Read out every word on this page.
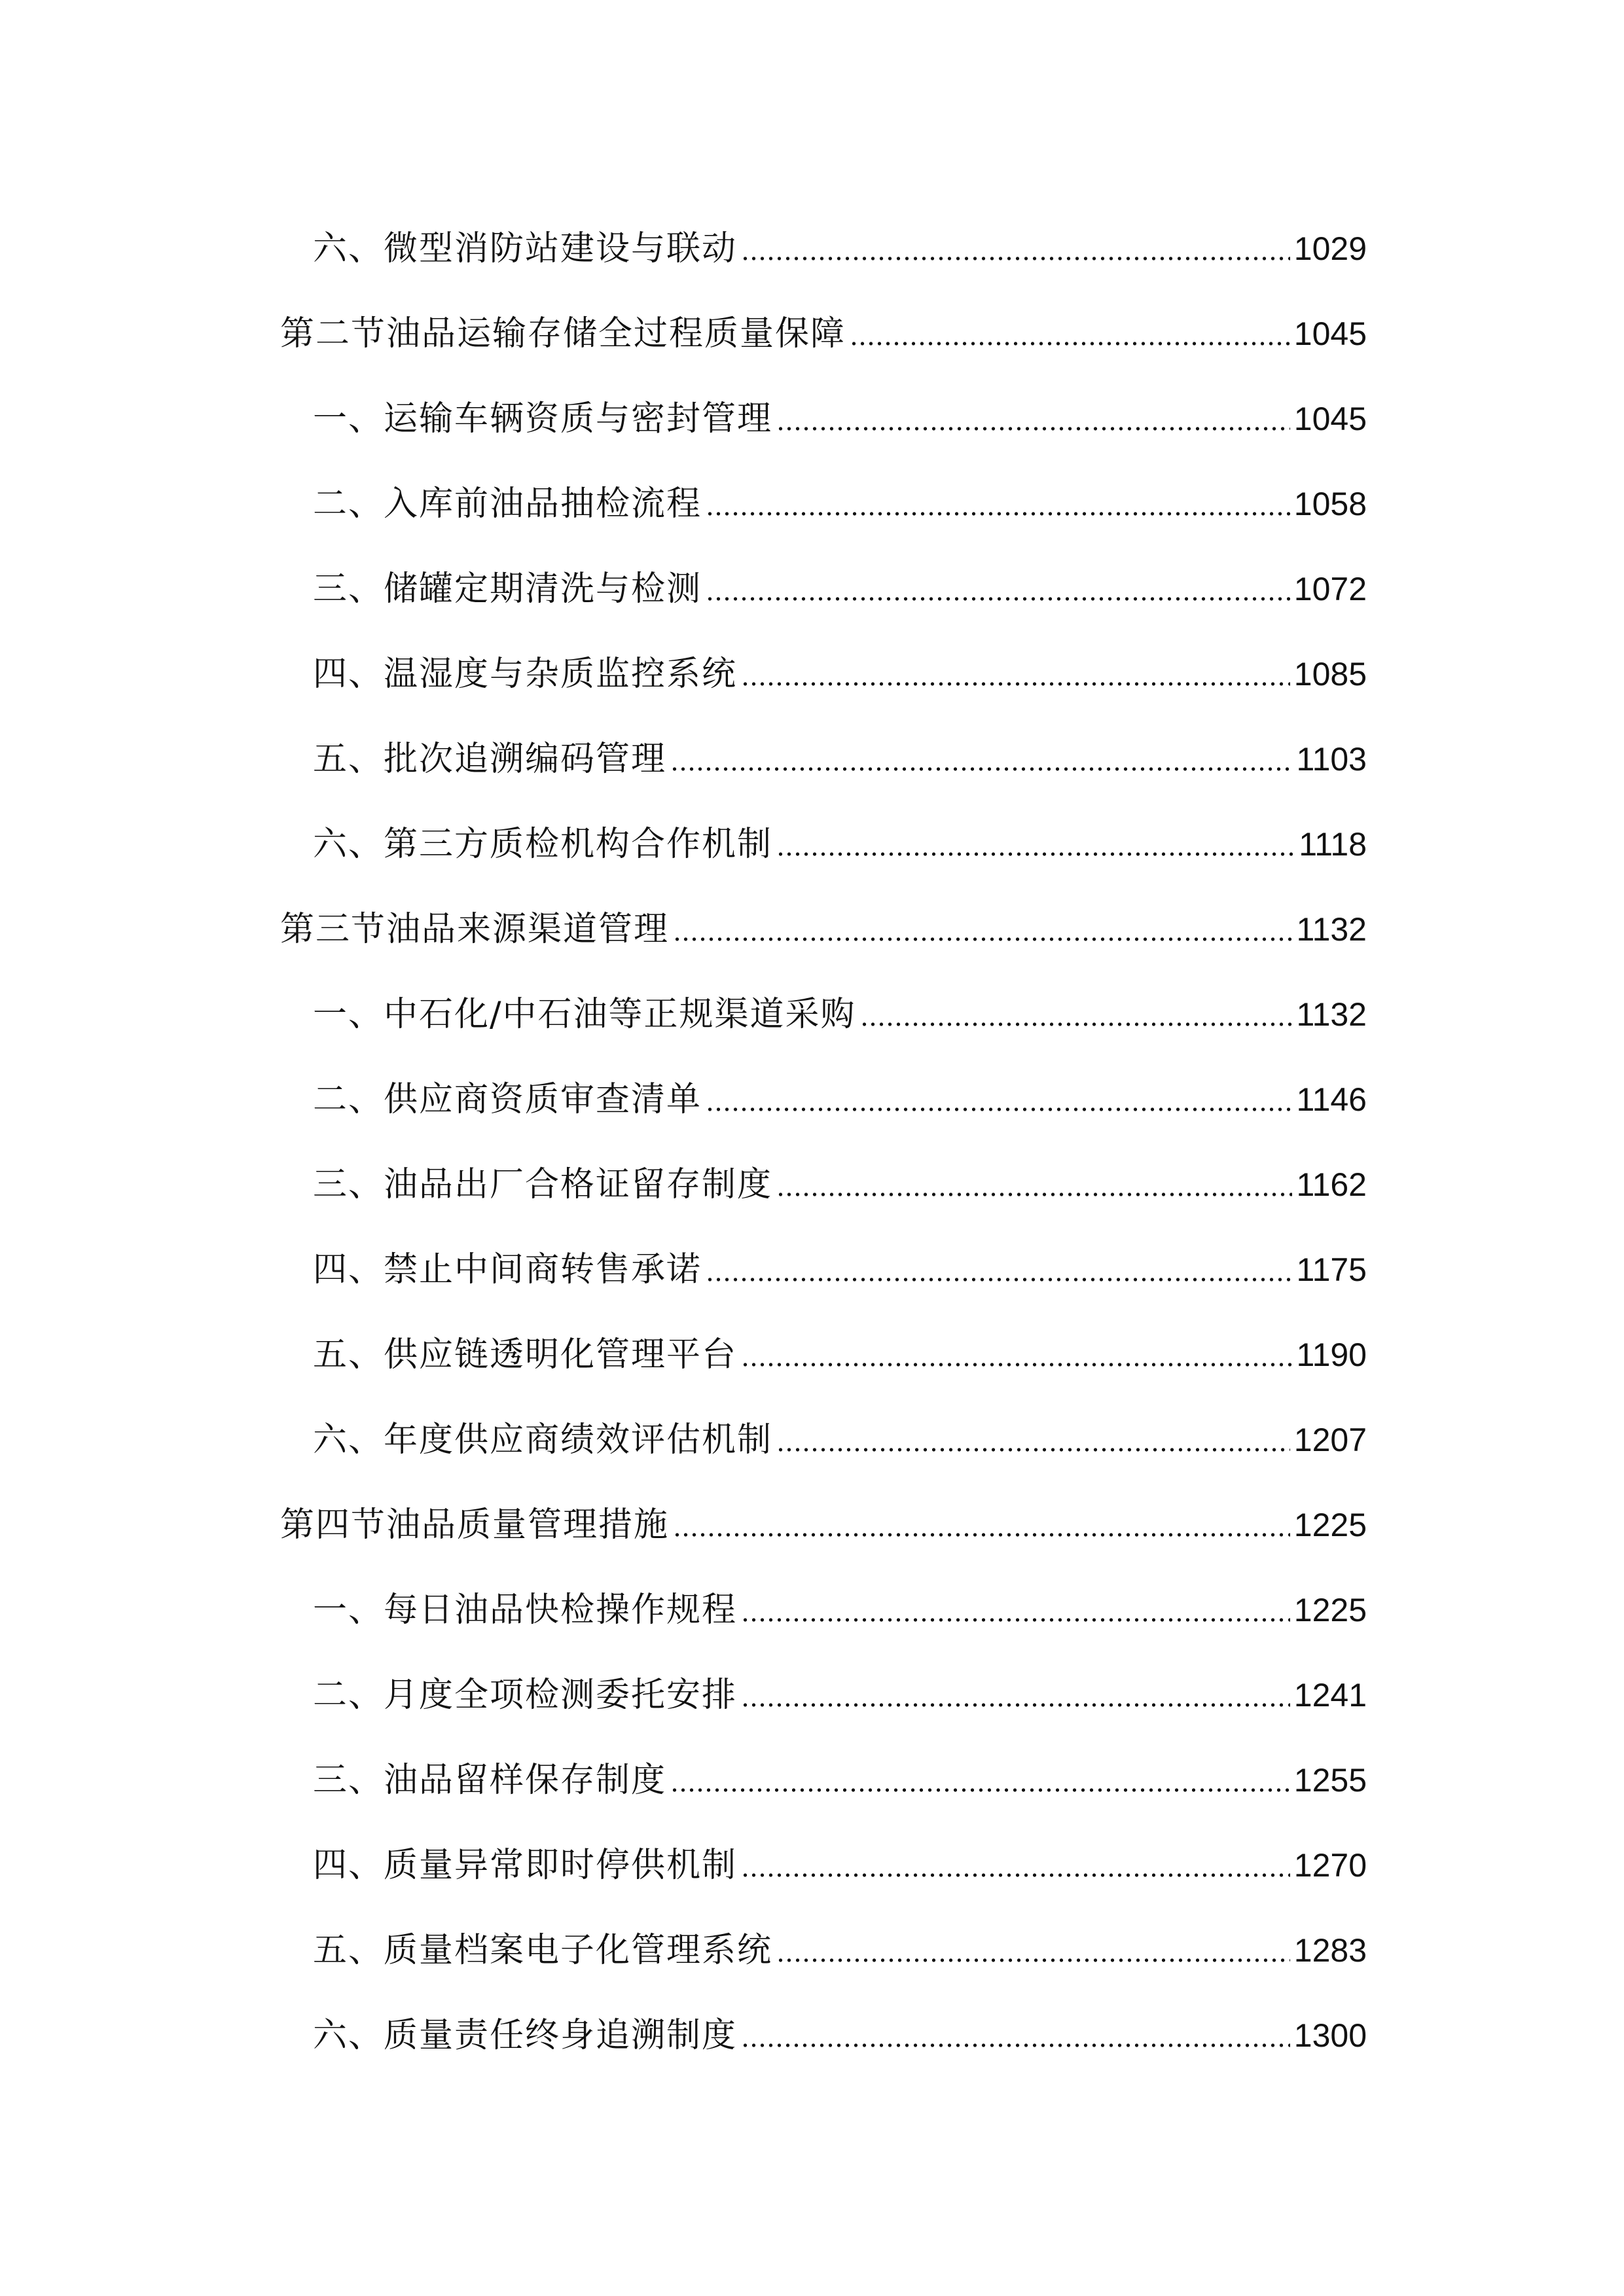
六、微型消防站建设与联动	1029
第二节油品运输存储全过程质量保障	1045
一、运输车辆资质与密封管理	1045
二、入库前油品抽检流程	1058
三、储罐定期清洗与检测	1072
四、温湿度与杂质监控系统	1085
五、批次追溯编码管理	1103
六、第三方质检机构合作机制	1118
第三节油品来源渠道管理	1132
一、中石化/中石油等正规渠道采购	1132
二、供应商资质审查清单	1146
三、油品出厂合格证留存制度	1162
四、禁止中间商转售承诺	1175
五、供应链透明化管理平台	1190
六、年度供应商绩效评估机制	1207
第四节油品质量管理措施	1225
一、每日油品快检操作规程	1225
二、月度全项检测委托安排	1241
三、油品留样保存制度	1255
四、质量异常即时停供机制	1270
五、质量档案电子化管理系统	1283
六、质量责任终身追溯制度	1300
